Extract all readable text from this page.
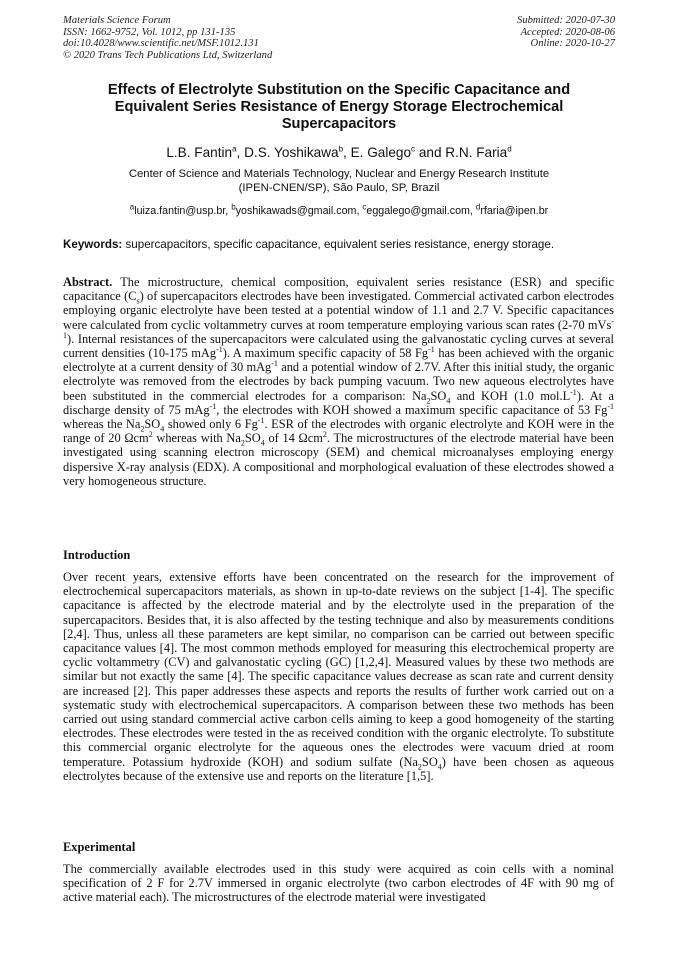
Materials Science Forum
ISSN: 1662-9752, Vol. 1012, pp 131-135
doi:10.4028/www.scientific.net/MSF.1012.131
© 2020 Trans Tech Publications Ltd, Switzerland
Submitted: 2020-07-30
Accepted: 2020-08-06
Online: 2020-10-27
Effects of Electrolyte Substitution on the Specific Capacitance and
Equivalent Series Resistance of Energy Storage Electrochemical
Supercapacitors
L.B. Fantin$^a$, D.S. Yoshikawa$^b$, E. Galego$^c$ and R.N. Faria$^d$
Center of Science and Materials Technology, Nuclear and Energy Research Institute
(IPEN-CNEN/SP), São Paulo, SP, Brazil
$^a$luiza.fantin@usp.br, $^b$yoshikawads@gmail.com, $^c$eggalego@gmail.com, $^d$rfaria@ipen.br
Keywords: supercapacitors, specific capacitance, equivalent series resistance, energy storage.
Abstract. The microstructure, chemical composition, equivalent series resistance (ESR) and specific capacitance $(C_s)$ of supercapacitors electrodes have been investigated. Commercial activated carbon electrodes employing organic electrolyte have been tested at a potential window of 1.1 and 2.7 V. Specific capacitances were calculated from cyclic voltammetry curves at room temperature employing various scan rates (2-70 mVs$^{-1}$). Internal resistances of the supercapacitors were calculated using the galvanostatic cycling curves at several current densities (10-175 mAg$^{-1}$). A maximum specific capacity of 58 $Fg^{-1}$ has been achieved with the organic electrolyte at a current density of 30 mAg$^{-1}$ and a potential window of 2.7V. After this initial study, the organic electrolyte was removed from the electrodes by back pumping vacuum. Two new aqueous electrolytes have been substituted in the commercial electrodes for a comparison: $Na_2SO_4$ and KOH (1.0 $mol.L^{-1}$). At a discharge density of 75 mAg$^{-1}$, the electrodes with KOH showed a maximum specific capacitance of 53 $Fg^{-1}$ whereas the $Na_2SO_4$ showed only 6 $Fg^{-1}$. ESR of the electrodes with organic electrolyte and KOH were in the range of 20 Ωcm$^2$ whereas with $Na_2SO_4$ of 14 Ωcm$^2$. The microstructures of the electrode material have been investigated using scanning electron microscopy (SEM) and chemical microanalyses employing energy dispersive X-ray analysis (EDX). A compositional and morphological evaluation of these electrodes showed a very homogeneous structure.
Introduction
Over recent years, extensive efforts have been concentrated on the research for the improvement of electrochemical supercapacitors materials, as shown in up-to-date reviews on the subject [1-4]. The specific capacitance is affected by the electrode material and by the electrolyte used in the preparation of the supercapacitors. Besides that, it is also affected by the testing technique and also by measurements conditions [2,4]. Thus, unless all these parameters are kept similar, no comparison can be carried out between specific capacitance values [4]. The most common methods employed for measuring this electrochemical property are cyclic voltammetry (CV) and galvanostatic cycling (GC) [1,2,4]. Measured values by these two methods are similar but not exactly the same [4]. The specific capacitance values decrease as scan rate and current density are increased [2]. This paper addresses these aspects and reports the results of further work carried out on a systematic study with electrochemical supercapacitors. A comparison between these two methods has been carried out using standard commercial active carbon cells aiming to keep a good homogeneity of the starting electrodes. These electrodes were tested in the as received condition with the organic electrolyte. To substitute this commercial organic electrolyte for the aqueous ones the electrodes were vacuum dried at room temperature. Potassium hydroxide (KOH) and sodium sulfate $(Na_2SO_4)$ have been chosen as aqueous electrolytes because of the extensive use and reports on the literature [1,5].
Experimental
The commercially available electrodes used in this study were acquired as coin cells with a nominal specification of 2 F for 2.7V immersed in organic electrolyte (two carbon electrodes of 4F with 90 mg of active material each). The microstructures of the electrode material were investigated
